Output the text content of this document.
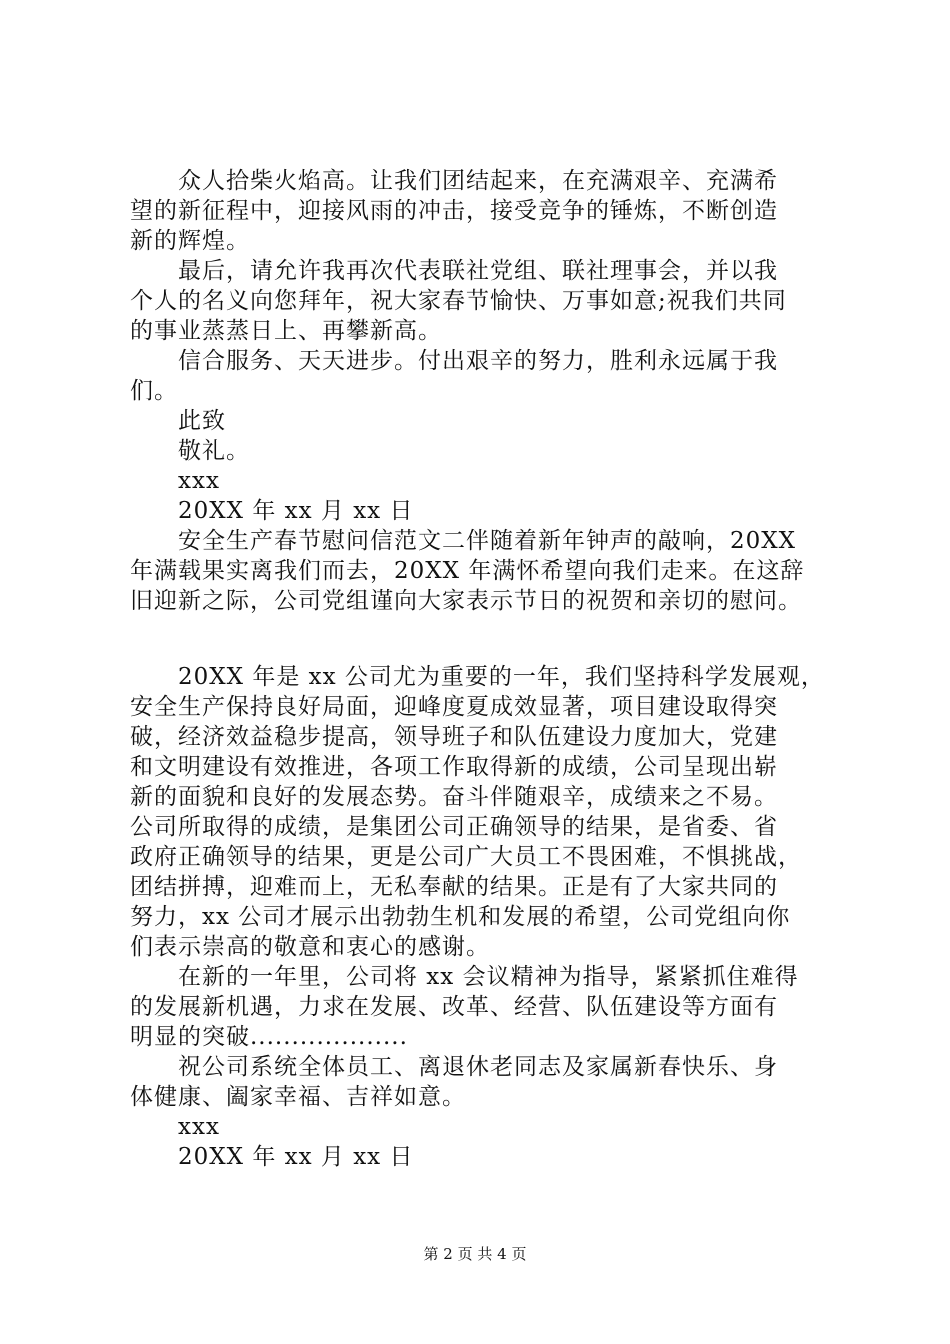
　　众人拾柴火焰高。让我们团结起来，在充满艰辛、充满希
望的新征程中，迎接风雨的冲击，接受竞争的锤炼，不断创造
新的辉煌。
　　最后，请允许我再次代表联社党组、联社理事会，并以我
个人的名义向您拜年，祝大家春节愉快、万事如意;祝我们共同
的事业蒸蒸日上、再攀新高。
　　信合服务、天天进步。付出艰辛的努力，胜利永远属于我
们。
　　此致
　　敬礼。
　　xxx
　　20XX 年 xx 月 xx 日
　　安全生产春节慰问信范文二伴随着新年钟声的敲响，20XX
年满载果实离我们而去，20XX 年满怀希望向我们走来。在这辞
旧迎新之际，公司党组谨向大家表示节日的祝贺和亲切的慰问。
　　20XX 年是 xx 公司尤为重要的一年，我们坚持科学发展观，
安全生产保持良好局面，迎峰度夏成效显著，项目建设取得突
破，经济效益稳步提高，领导班子和队伍建设力度加大，党建
和文明建设有效推进，各项工作取得新的成绩，公司呈现出崭
新的面貌和良好的发展态势。奋斗伴随艰辛，成绩来之不易。
公司所取得的成绩，是集团公司正确领导的结果，是省委、省
政府正确领导的结果，更是公司广大员工不畏困难，不惧挑战，
团结拼搏，迎难而上，无私奉献的结果。正是有了大家共同的
努力，xx 公司才展示出勃勃生机和发展的希望，公司党组向你
们表示崇高的敬意和衷心的感谢。
　　在新的一年里，公司将 xx 会议精神为指导，紧紧抓住难得
的发展新机遇，力求在发展、改革、经营、队伍建设等方面有
明显的突破...................
　　祝公司系统全体员工、离退休老同志及家属新春快乐、身
体健康、阖家幸福、吉祥如意。
　　xxx
　　20XX 年 xx 月 xx 日
第 2 页 共 4 页
